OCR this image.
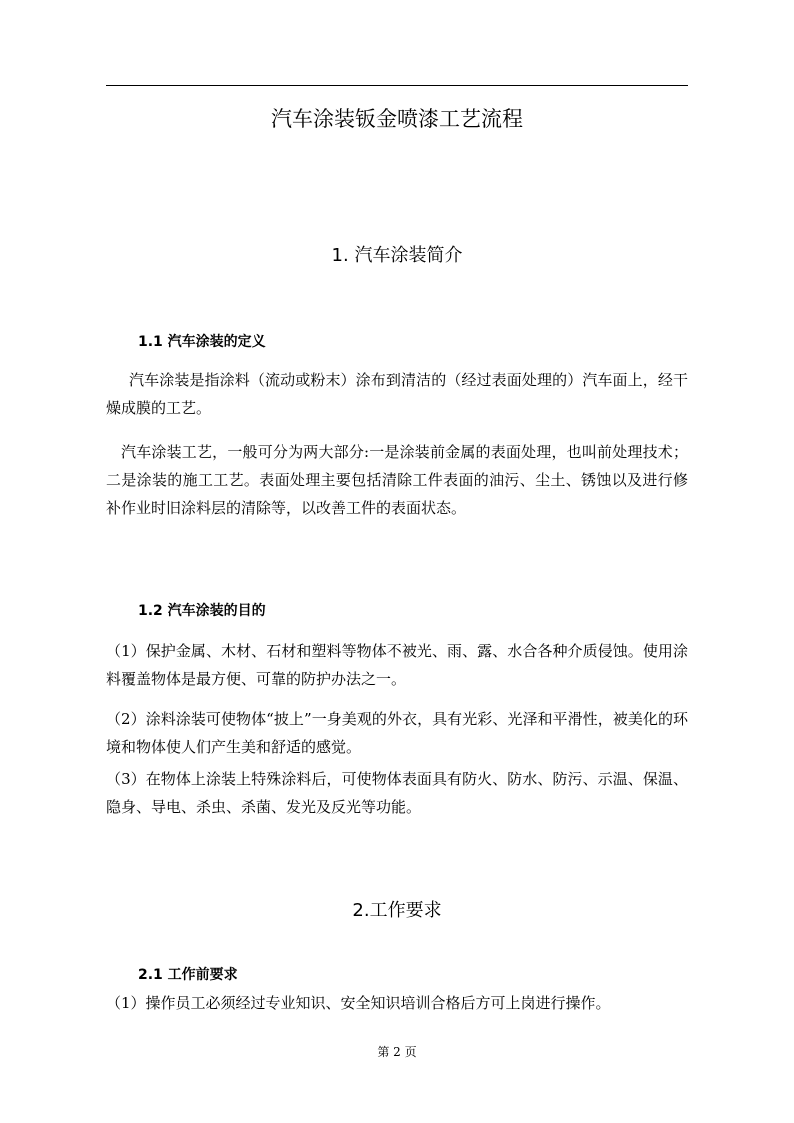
汽车涂装钣金喷漆工艺流程
1. 汽车涂装简介
1.1 汽车涂装的定义

汽车涂装是指涂料（流动或粉末）涂布到清洁的（经过表面处理的）汽车面上，经干燥成膜的工艺。

汽车涂装工艺，一般可分为两大部分:一是涂装前金属的表面处理，也叫前处理技术；二是涂装的施工工艺。表面处理主要包括清除工件表面的油污、尘土、锈蚀以及进行修补作业时旧涂料层的清除等，以改善工件的表面状态。

1.2 汽车涂装的目的

（1）保护金属、木材、石材和塑料等物体不被光、雨、露、水合各种介质侵蚀。使用涂料覆盖物体是最方便、可靠的防护办法之一。

（2）涂料涂装可使物体“披上”一身美观的外衣，具有光彩、光泽和平滑性，被美化的环境和物体使人们产生美和舒适的感觉。

（3）在物体上涂装上特殊涂料后，可使物体表面具有防火、防水、防污、示温、保温、隐身、导电、杀虫、杀菌、发光及反光等功能。

2.工作要求
2.1 工作前要求

（1）操作员工必须经过专业知识、安全知识培训合格后方可上岗进行操作。

第 2 页
